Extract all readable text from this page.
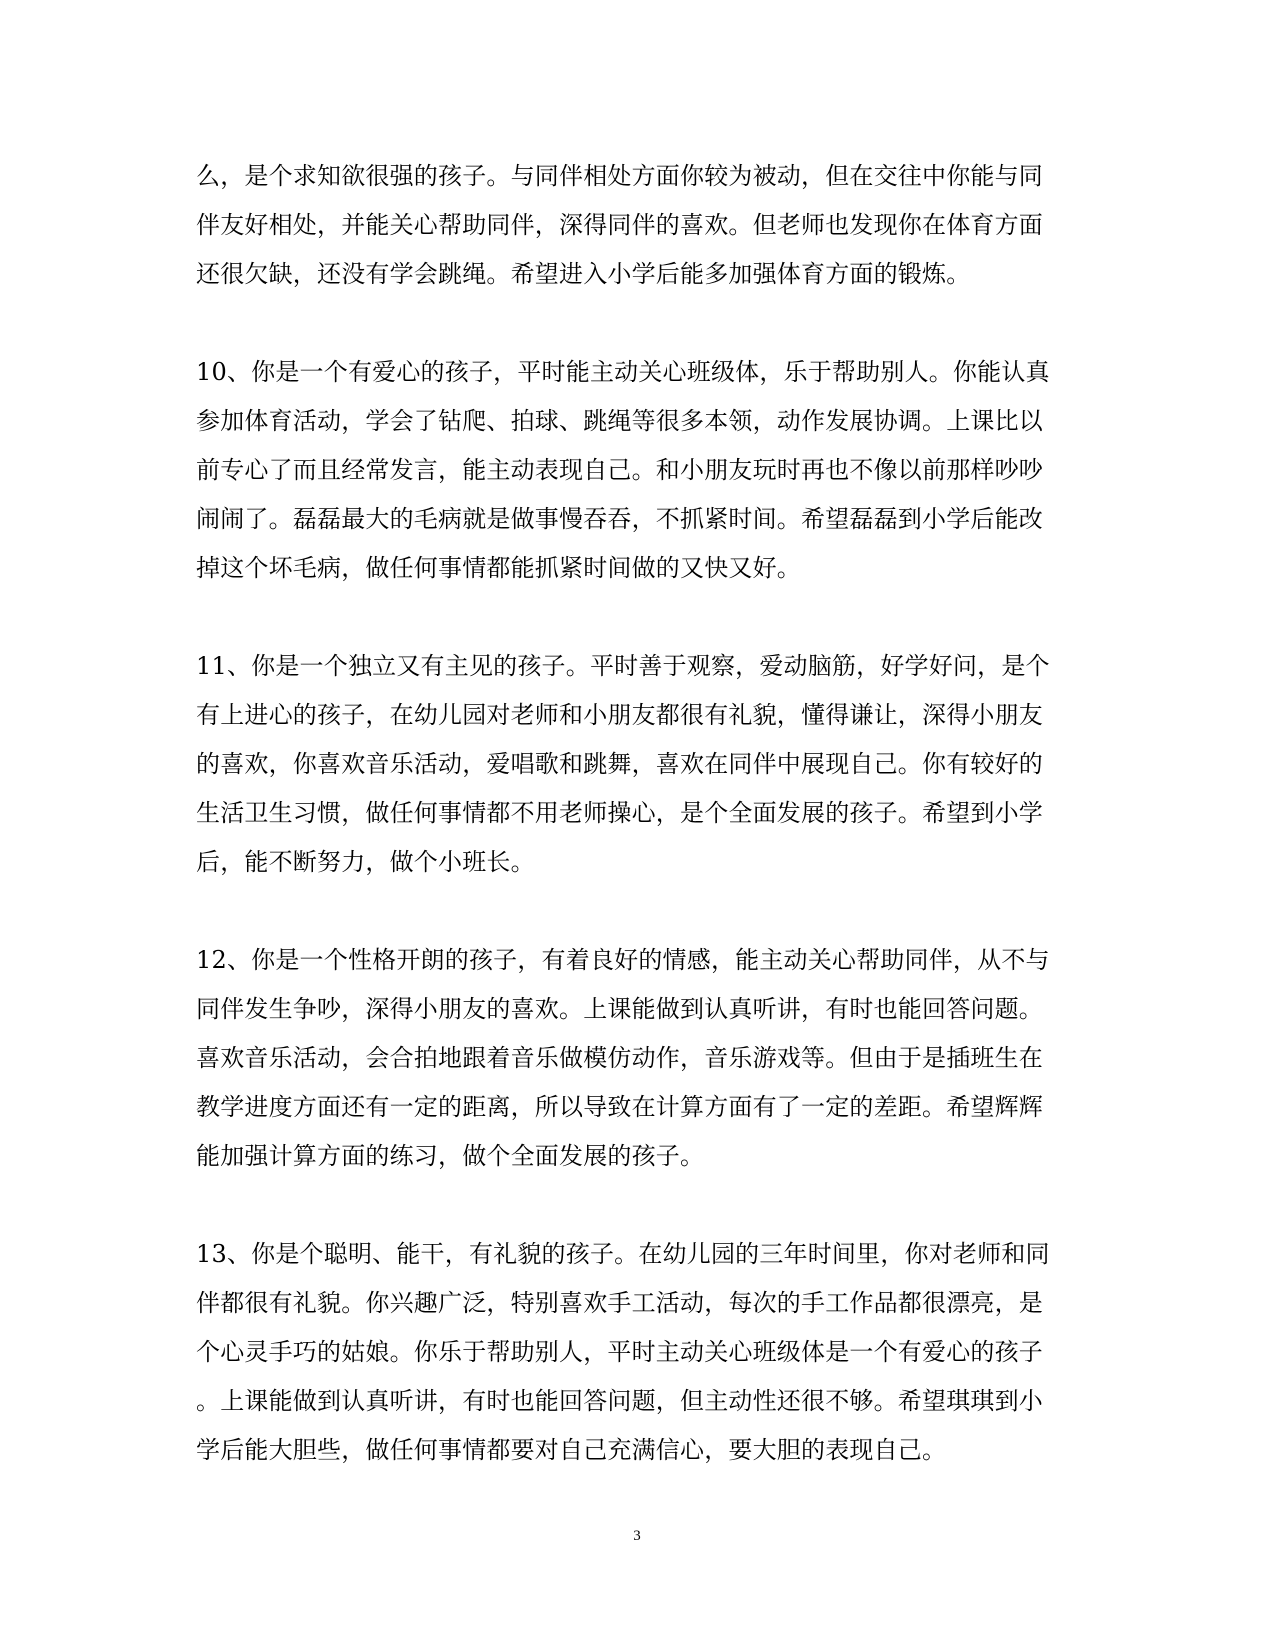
么，是个求知欲很强的孩子。与同伴相处方面你较为被动，但在交往中你能与同
伴友好相处，并能关心帮助同伴，深得同伴的喜欢。但老师也发现你在体育方面
还很欠缺，还没有学会跳绳。希望进入小学后能多加强体育方面的锻炼。
10、你是一个有爱心的孩子，平时能主动关心班级体，乐于帮助别人。你能认真
参加体育活动，学会了钻爬、拍球、跳绳等很多本领，动作发展协调。上课比以
前专心了而且经常发言，能主动表现自己。和小朋友玩时再也不像以前那样吵吵
闹闹了。磊磊最大的毛病就是做事慢吞吞，不抓紧时间。希望磊磊到小学后能改
掉这个坏毛病，做任何事情都能抓紧时间做的又快又好。
11、你是一个独立又有主见的孩子。平时善于观察，爱动脑筋，好学好问，是个
有上进心的孩子，在幼儿园对老师和小朋友都很有礼貌，懂得谦让，深得小朋友
的喜欢，你喜欢音乐活动，爱唱歌和跳舞，喜欢在同伴中展现自己。你有较好的
生活卫生习惯，做任何事情都不用老师操心，是个全面发展的孩子。希望到小学
后，能不断努力，做个小班长。
12、你是一个性格开朗的孩子，有着良好的情感，能主动关心帮助同伴，从不与
同伴发生争吵，深得小朋友的喜欢。上课能做到认真听讲，有时也能回答问题。
喜欢音乐活动，会合拍地跟着音乐做模仿动作，音乐游戏等。但由于是插班生在
教学进度方面还有一定的距离，所以导致在计算方面有了一定的差距。希望辉辉
能加强计算方面的练习，做个全面发展的孩子。
13、你是个聪明、能干，有礼貌的孩子。在幼儿园的三年时间里，你对老师和同
伴都很有礼貌。你兴趣广泛，特别喜欢手工活动，每次的手工作品都很漂亮，是
个心灵手巧的姑娘。你乐于帮助别人，平时主动关心班级体是一个有爱心的孩子
。上课能做到认真听讲，有时也能回答问题，但主动性还很不够。希望琪琪到小
学后能大胆些，做任何事情都要对自己充满信心，要大胆的表现自己。
3
